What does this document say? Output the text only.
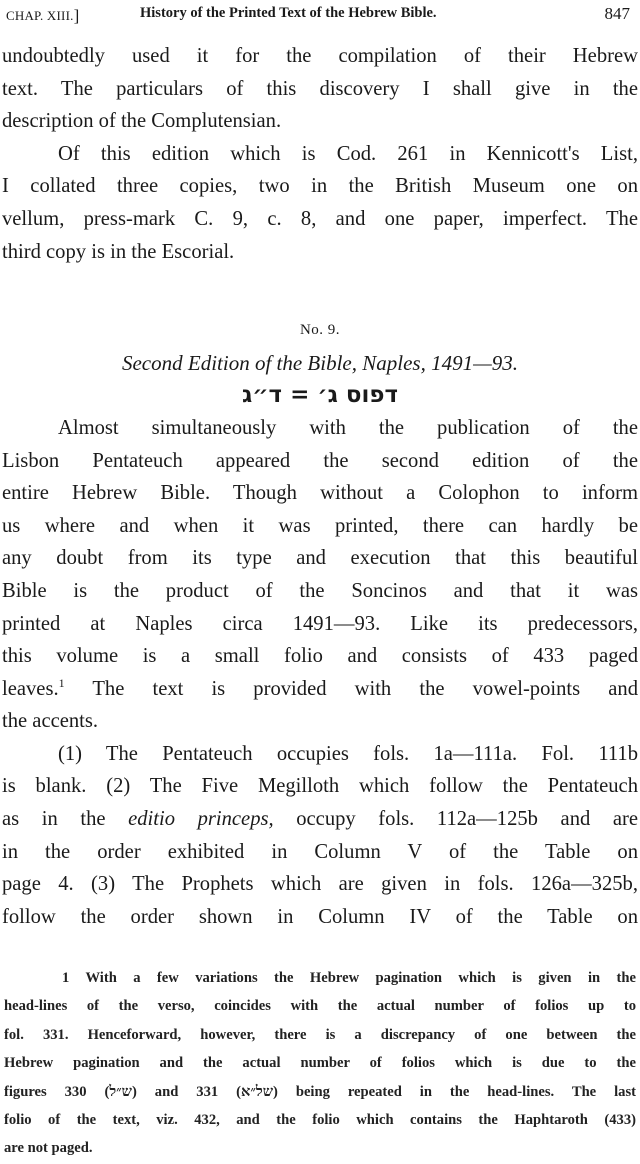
CHAP. XIII.]	History of the Printed Text of the Hebrew Bible.	847

undoubtedly used it for the compilation of their Hebrew
text. The particulars of this discovery I shall give in the
description of the Complutensian.

Of this edition which is Cod. 261 in Kennicott's List,
I collated three copies, two in the British Museum one on
vellum, press-mark C. 9, c. 8, and one paper, imperfect. The
third copy is in the Escorial.

No. 9.
Second Edition of the Bible, Naples, 1491—93.
דפוס ג׳ = ד״ג

Almost simultaneously with the publication of the
Lisbon Pentateuch appeared the second edition of the
entire Hebrew Bible. Though without a Colophon to inform
us where and when it was printed, there can hardly be
any doubt from its type and execution that this beautiful
Bible is the product of the Soncinos and that it was
printed at Naples circa 1491—93. Like its predecessors,
this volume is a small folio and consists of 433 paged
leaves.$^1$ The text is provided with the vowel-points and
the accents.

(1) The Pentateuch occupies fols. 1a—111a. Fol. 111b
is blank. (2) The Five Megilloth which follow the Pentateuch
as in the editio princeps, occupy fols. 112a—125b and are
in the order exhibited in Column V of the Table on
page 4. (3) The Prophets which are given in fols. 126a—325b,
follow the order shown in Column IV of the Table on

1 With a few variations the Hebrew pagination which is given in the
head-lines of the verso, coincides with the actual number of folios up to
fol. 331. Henceforward, however, there is a discrepancy of one between the
Hebrew pagination and the actual number of folios which is due to the
figures 330 (ש״ל) and 331 (של״א) being repeated in the head-lines. The last
folio of the text, viz. 432, and the folio which contains the Haphtaroth (433)
are not paged.
